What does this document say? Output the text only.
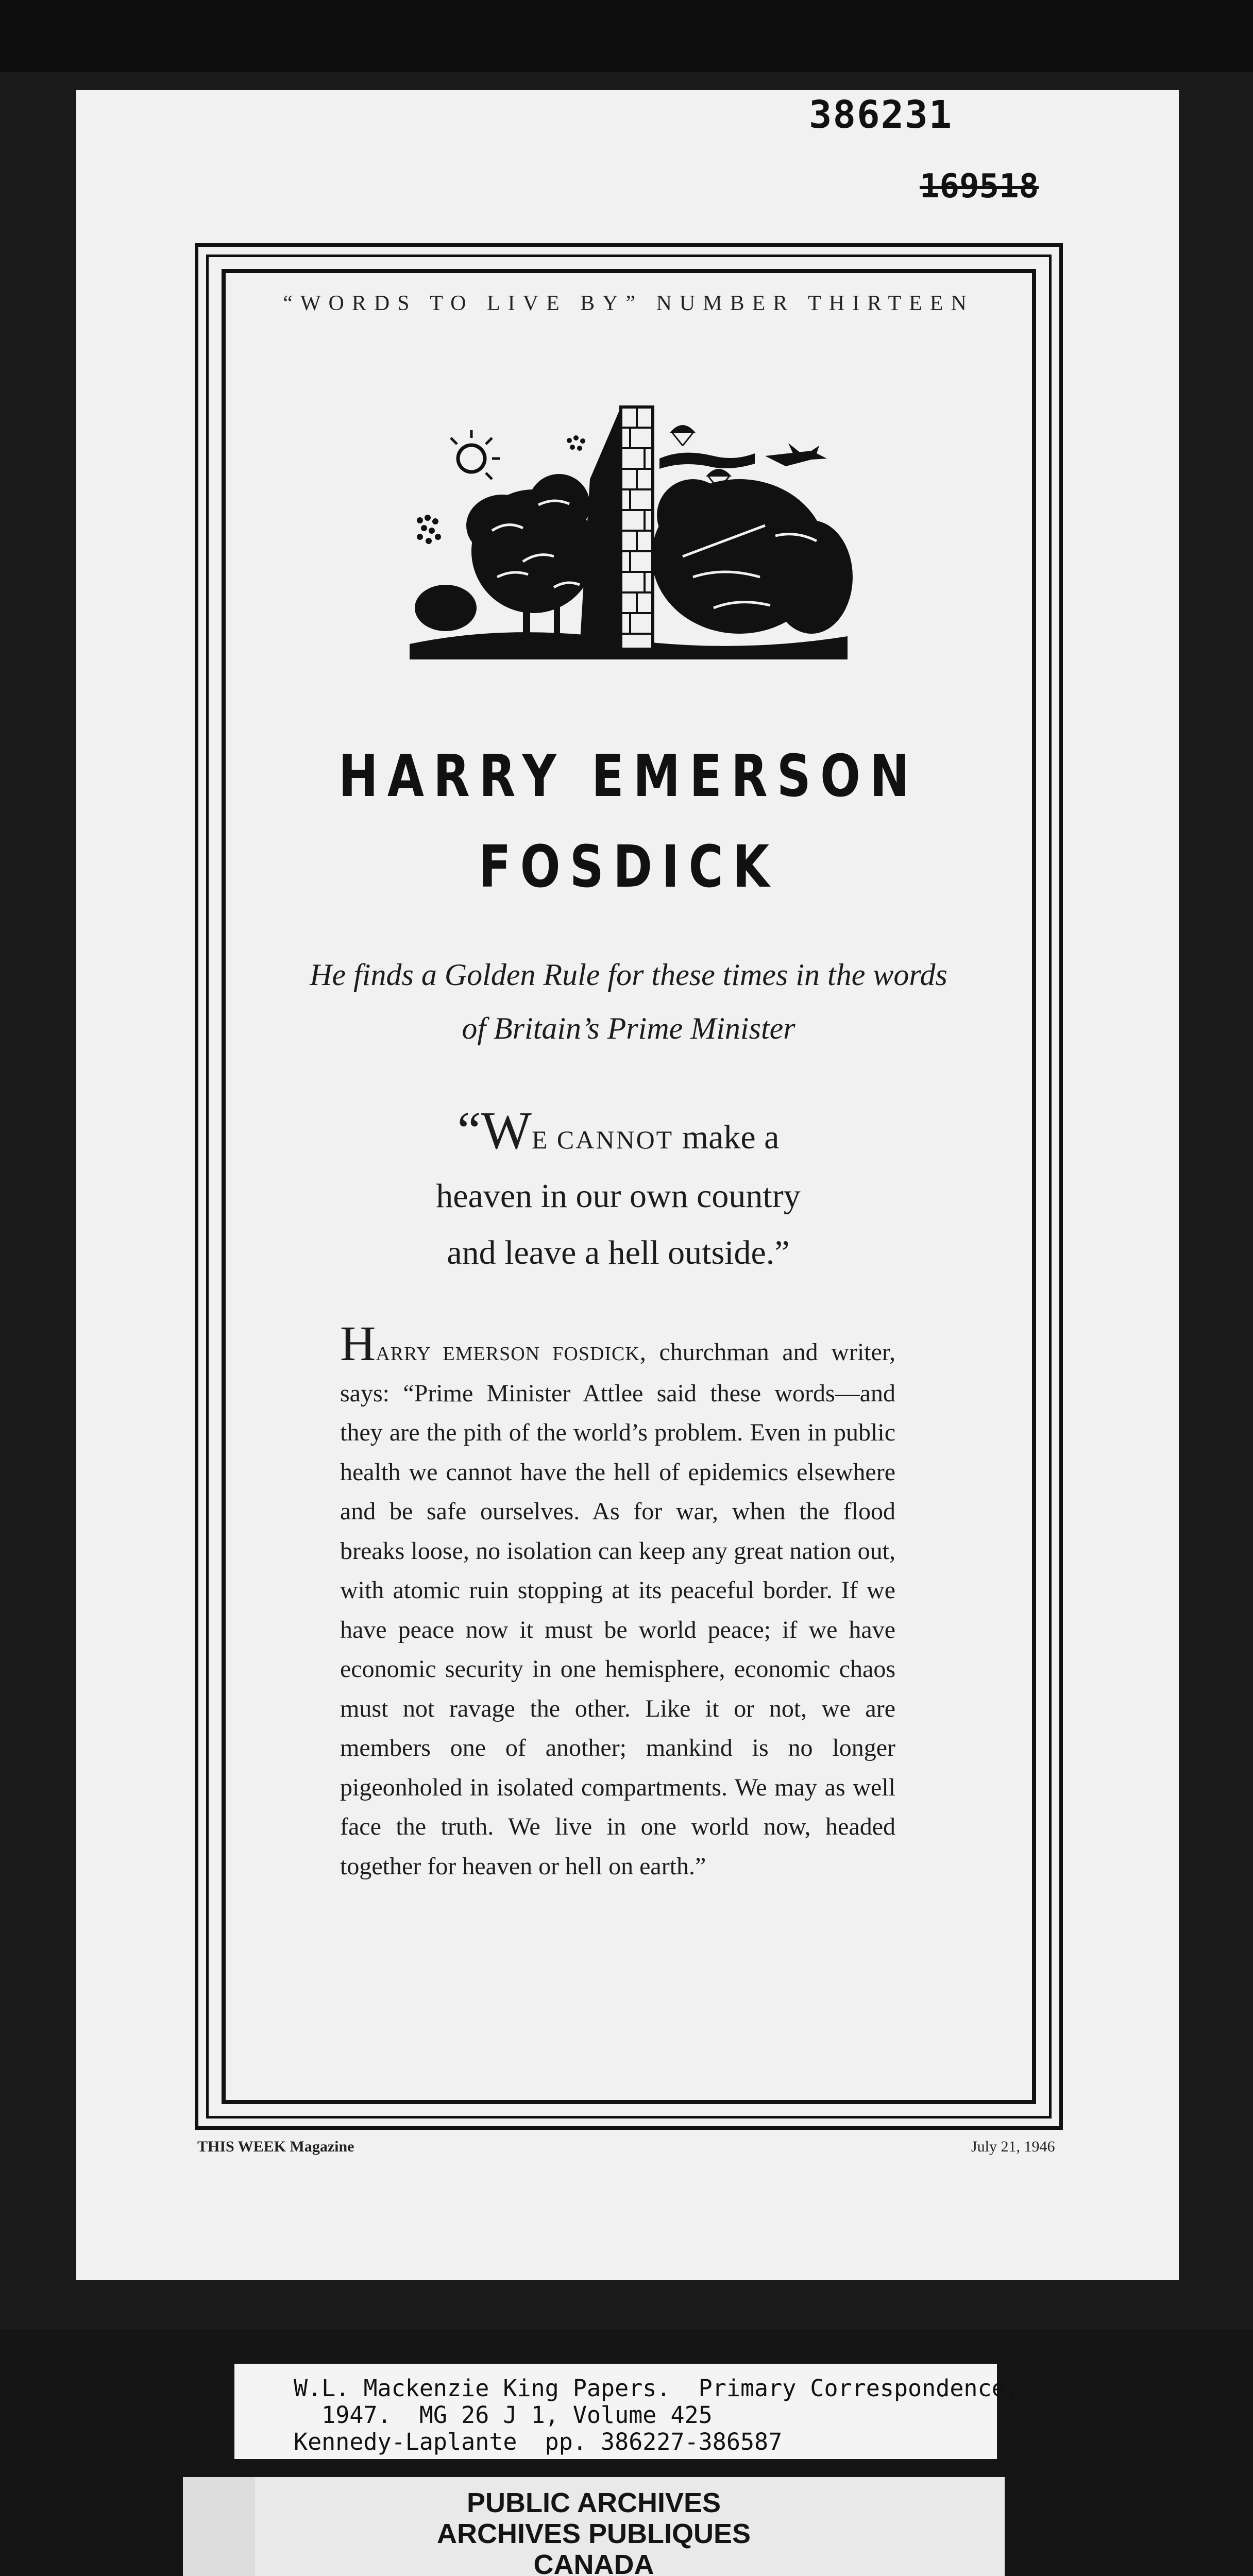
386231
169518
“WORDS TO LIVE BY” NUMBER THIRTEEN
HARRY EMERSON
FOSDICK
He finds a Golden Rule for these times in the words
of Britain’s Prime Minister
“WE CANNOT make a
heaven in our own country
and leave a hell outside.”
HARRY EMERSON FOSDICK, churchman and writer, says: “Prime Minister Attlee said these words—and they are the pith of the world’s problem. Even in public health we cannot have the hell of epidemics elsewhere and be safe ourselves. As for war, when the flood breaks loose, no isolation can keep any great nation out, with atomic ruin stopping at its peaceful border. If we have peace now it must be world peace; if we have economic security in one hemisphere, economic chaos must not ravage the other. Like it or not, we are members one of another; mankind is no longer pigeonholed in isolated compartments. We may as well face the truth. We live in one world now, headed together for heaven or hell on earth.”
THIS WEEK Magazine	July 21, 1946
W.L. Mackenzie King Papers.  Primary Correspondence,
1947.  MG 26 J 1, Volume 425
Kennedy-Laplante  pp. 386227-386587
PUBLIC ARCHIVES
ARCHIVES PUBLIQUES
CANADA
